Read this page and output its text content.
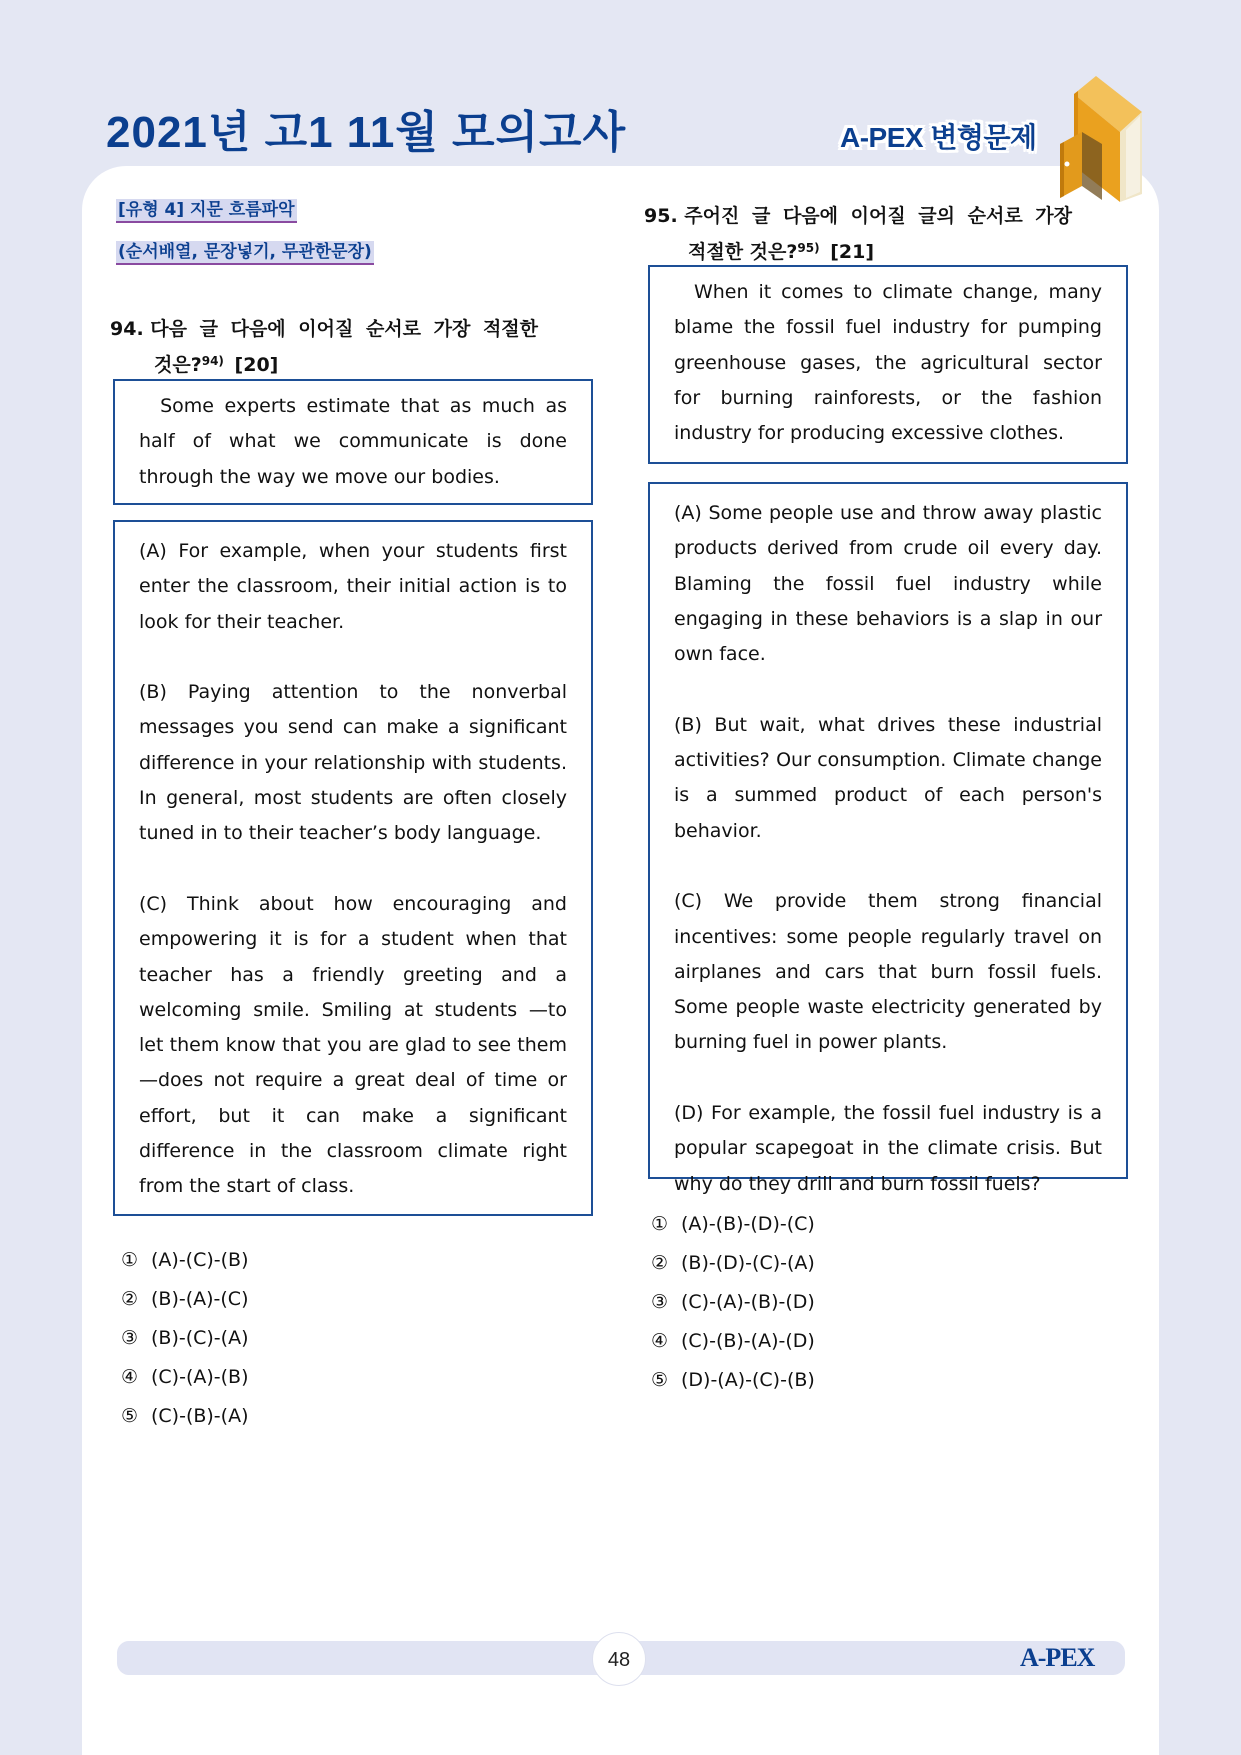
2021년 고1 11월 모의고사	A-PEX 변형문제
[유형 4] 지문 흐름파악
(순서배열, 문장넣기, 무관한문장)
94. 다음 글 다음에 이어질 순서로 가장 적절한
것은?$^{94)}$ [20]

Some experts estimate that as much as half of what we communicate is done through the way we move our bodies.

(A) For example, when your students first enter the classroom, their initial action is to look for their teacher.

(B) Paying attention to the nonverbal messages you send can make a significant difference in your relationship with students. In general, most students are often closely tuned in to their teacher’s body language.

(C) Think about how encouraging and empowering it is for a student when that teacher has a friendly greeting and a welcoming smile. Smiling at students —to let them know that you are glad to see them —does not require a great deal of time or effort, but it can make a significant difference in the classroom climate right from the start of class.

① (A)-(C)-(B)
② (B)-(A)-(C)
③ (B)-(C)-(A)
④ (C)-(A)-(B)
⑤ (C)-(B)-(A)
95. 주어진 글 다음에 이어질 글의 순서로 가장
적절한 것은?$^{95)}$ [21]

When it comes to climate change, many blame the fossil fuel industry for pumping greenhouse gases, the agricultural sector for burning rainforests, or the fashion industry for producing excessive clothes.

(A) Some people use and throw away plastic products derived from crude oil every day. Blaming the fossil fuel industry while engaging in these behaviors is a slap in our own face.

(B) But wait, what drives these industrial activities? Our consumption. Climate change is a summed product of each person's behavior.

(C) We provide them strong financial incentives: some people regularly travel on airplanes and cars that burn fossil fuels. Some people waste electricity generated by burning fuel in power plants.

(D) For example, the fossil fuel industry is a popular scapegoat in the climate crisis. But why do they drill and burn fossil fuels?

① (A)-(B)-(D)-(C)
② (B)-(D)-(C)-(A)
③ (C)-(A)-(B)-(D)
④ (C)-(B)-(A)-(D)
⑤ (D)-(A)-(C)-(B)
48	A-PEX
